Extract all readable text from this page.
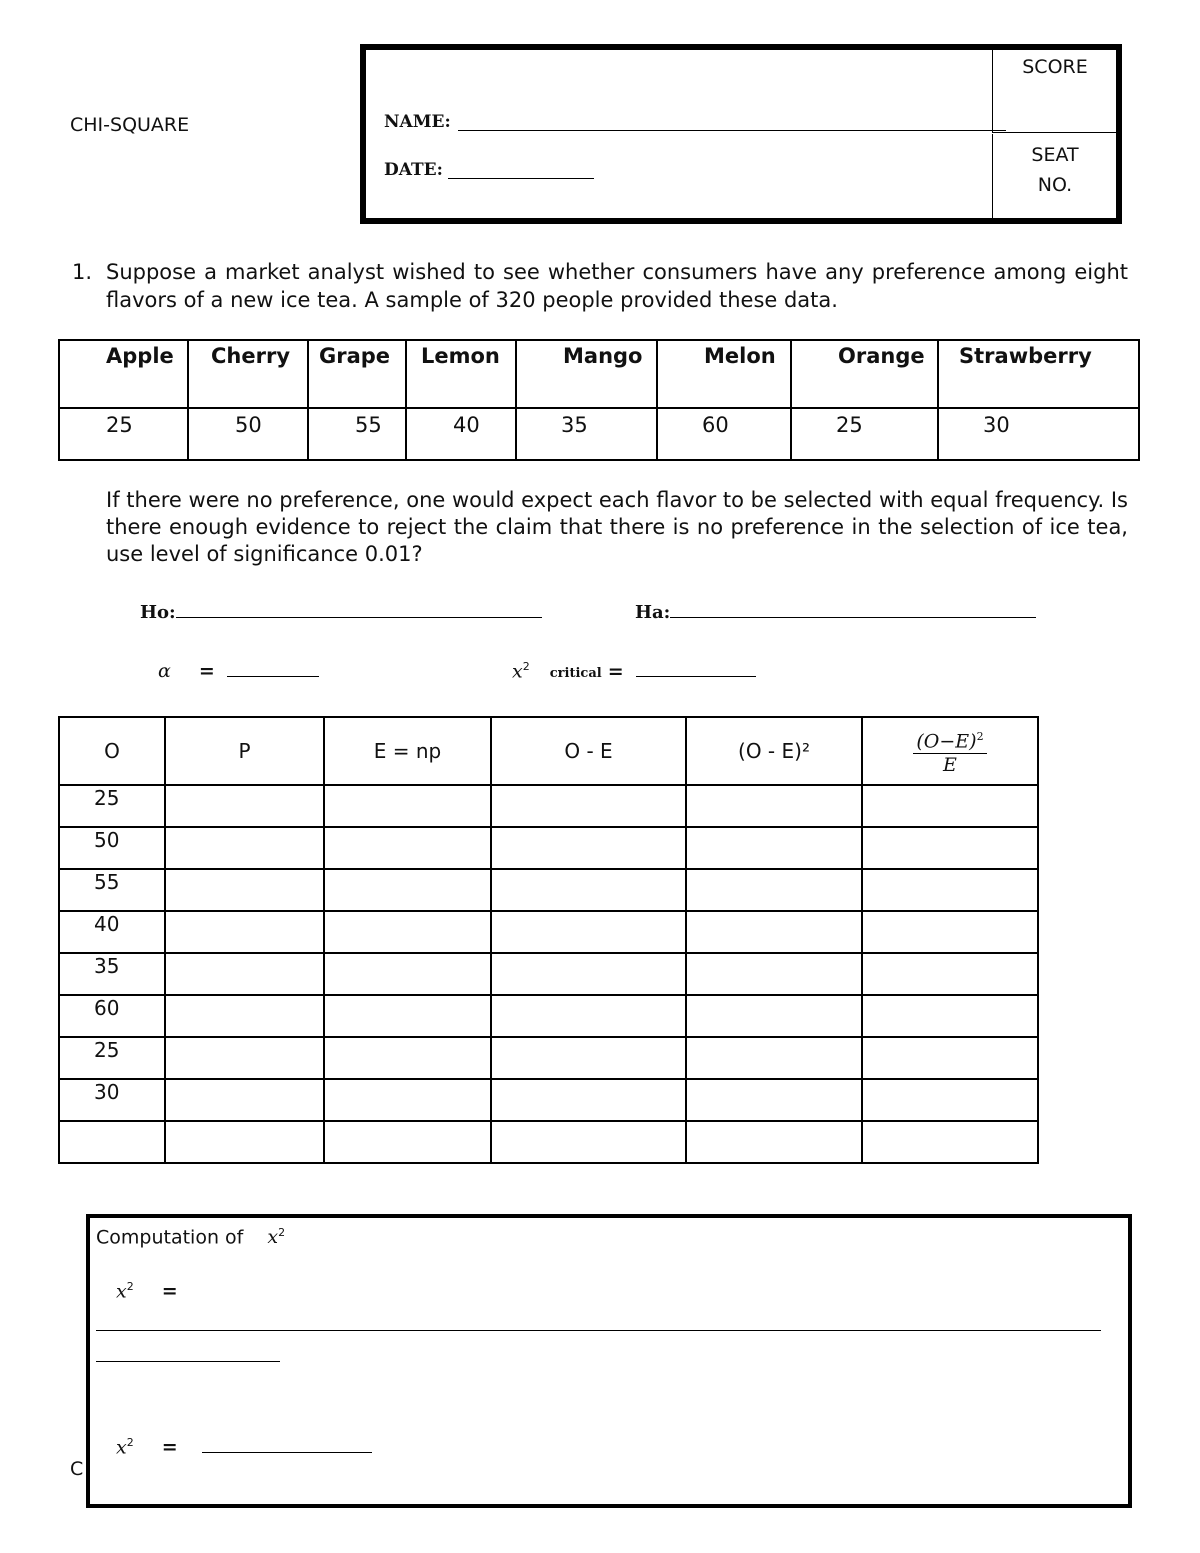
CHI-SQUARE	NAME:
DATE:
SCORE
SEAT
NO.
1. Suppose a market analyst wished to see whether consumers have any preference among eight flavors of a new ice tea. A sample of 320 people provided these data.
Apple	Cherry	Grape	Lemon	Mango	Melon	Orange	Strawberry
25	50	55	40	35	60	25	30
If there were no preference, one would expect each flavor to be selected with equal frequency. Is there enough evidence to reject the claim that there is no preference in the selection of ice tea, use level of significance 0.01?
Ho:	Ha:
α =	$x^2$ critical =
O	P	E = np	O - E	(O - E)²	$\frac{(O-E)^2}{E}$

25					
50					
55					
40					
35					
60					
25					
30					

Computation of $x^2$
$x^2$ =
$x^2$ =
C
